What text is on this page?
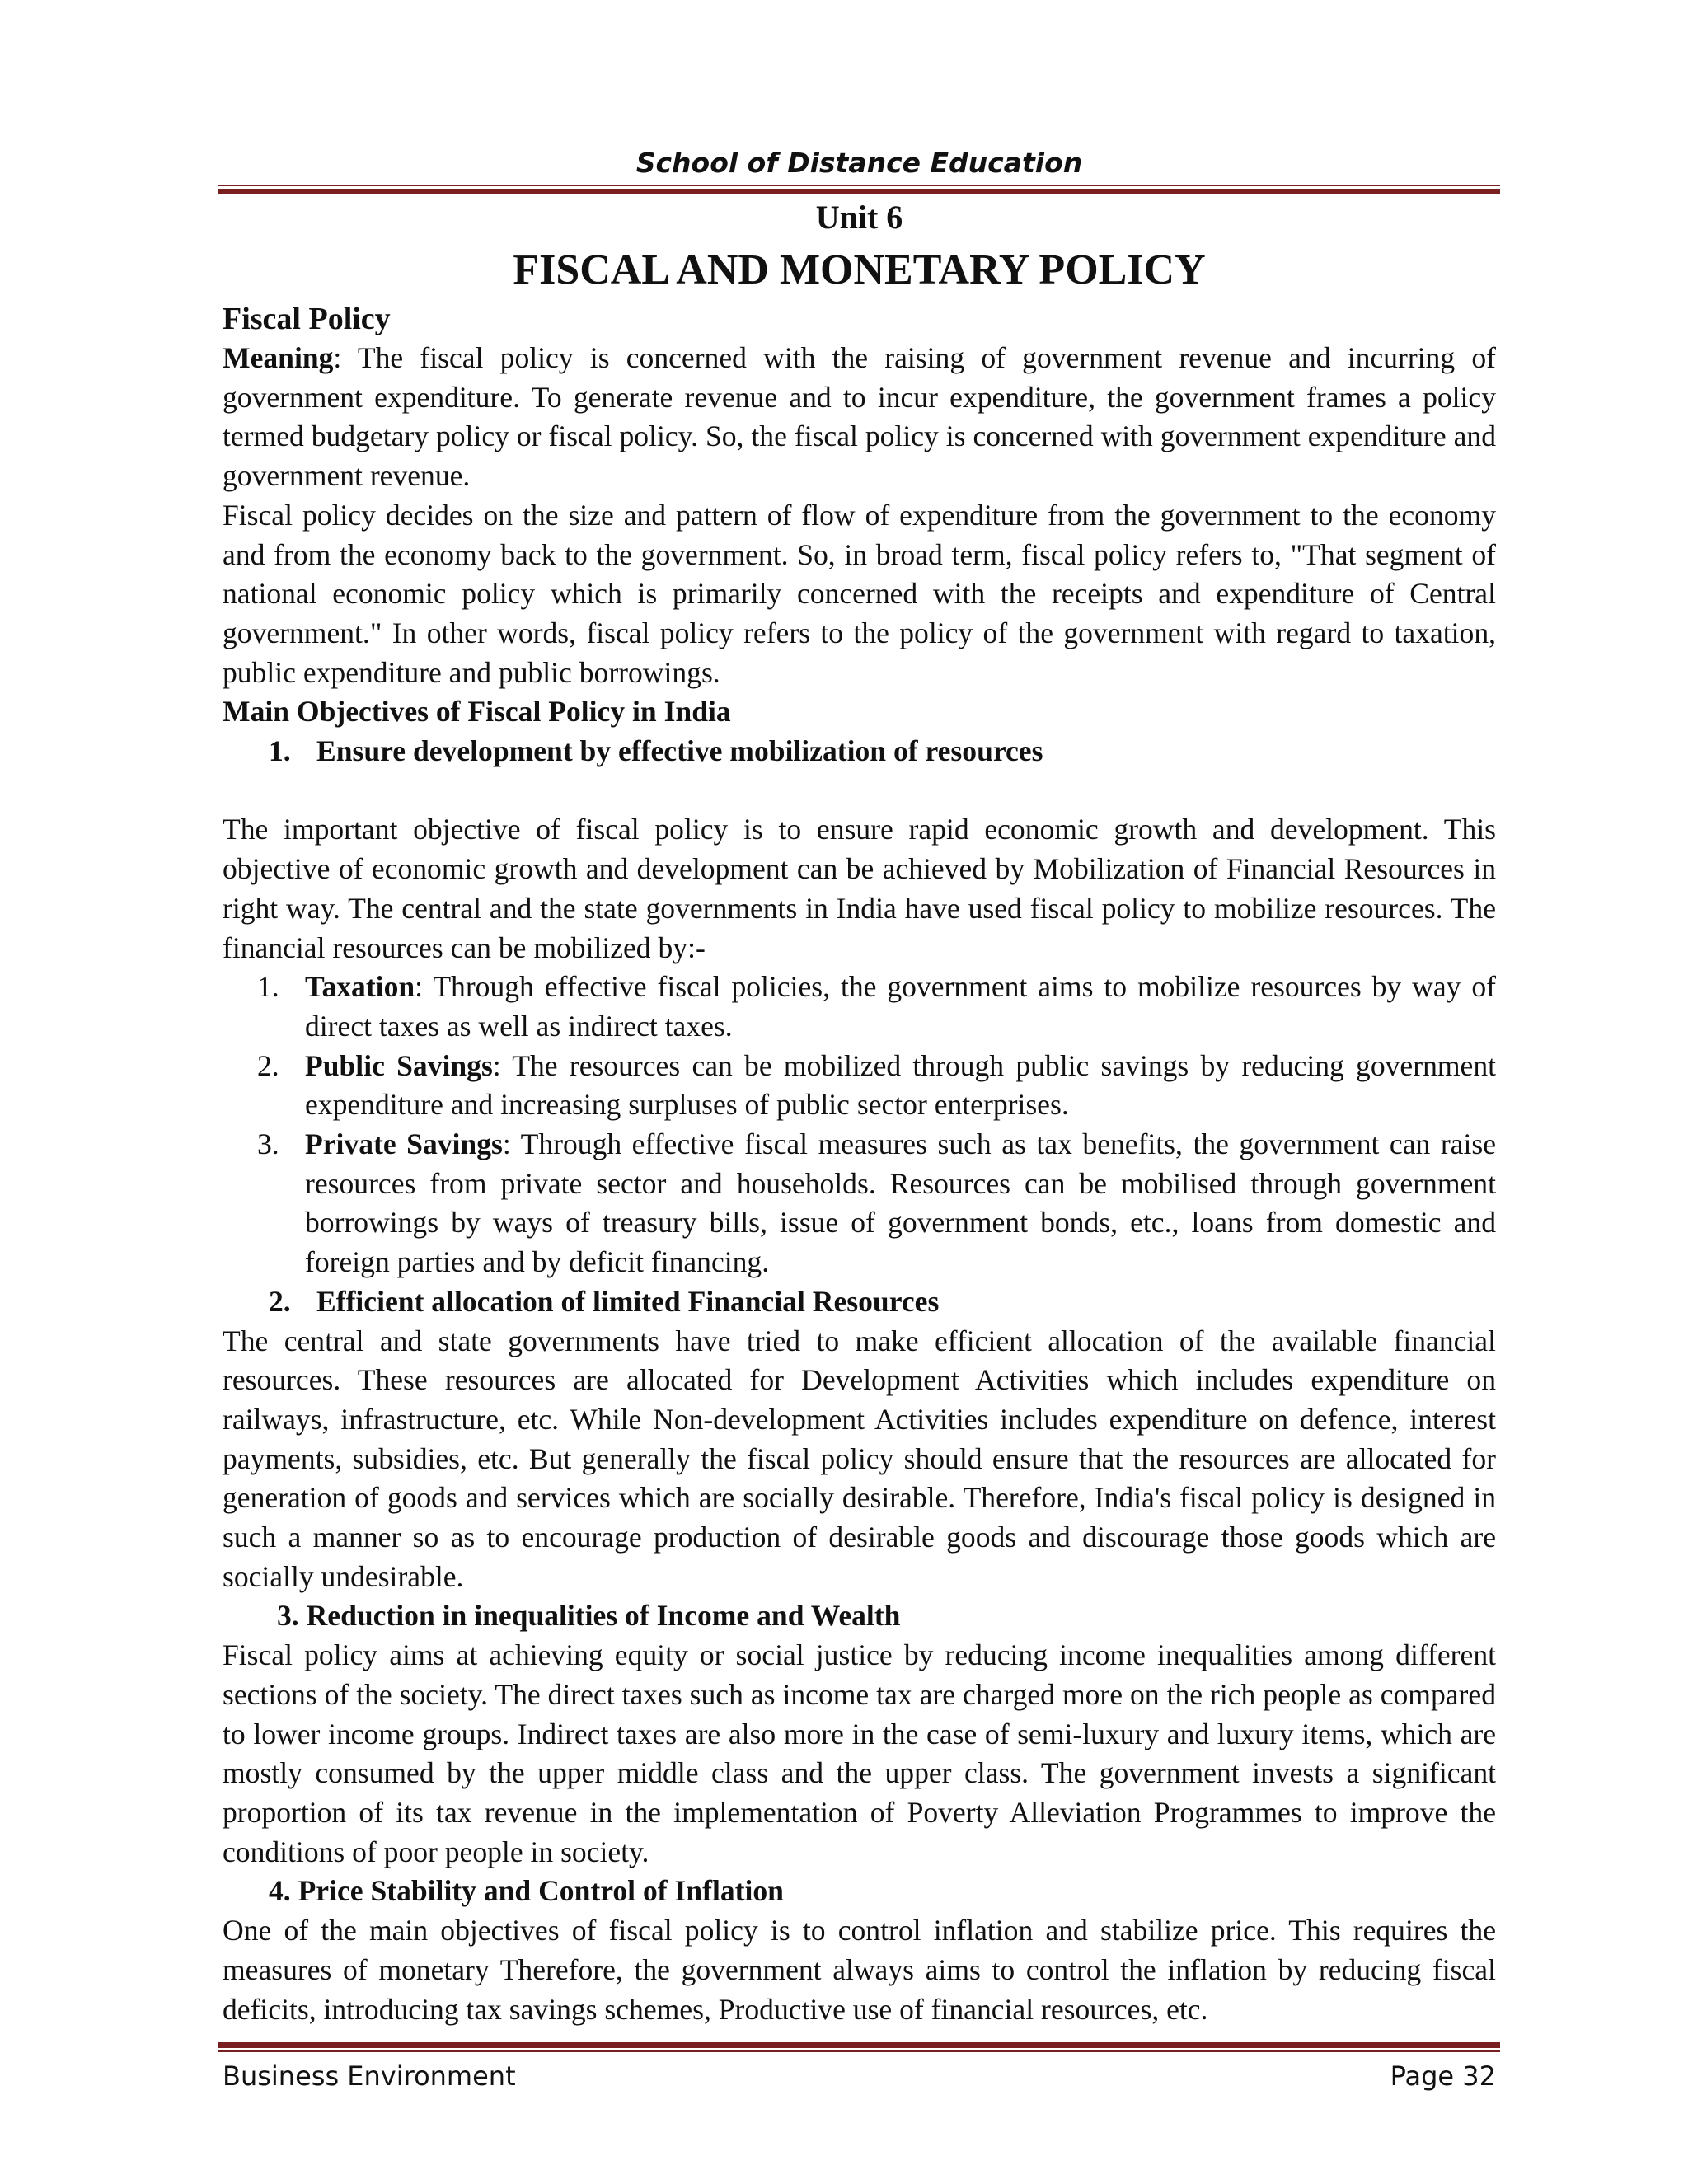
School of Distance Education
Unit 6
FISCAL AND MONETARY POLICY
Fiscal Policy

Meaning: The fiscal policy is concerned with the raising of government revenue and incurring of government expenditure. To generate revenue and to incur expenditure, the government frames a policy termed budgetary policy or fiscal policy. So, the fiscal policy is concerned with government expenditure and government revenue.

Fiscal policy decides on the size and pattern of flow of expenditure from the government to the economy and from the economy back to the government. So, in broad term, fiscal policy refers to, "That segment of national economic policy which is primarily concerned with the receipts and expenditure of Central government." In other words, fiscal policy refers to the policy of the government with regard to taxation, public expenditure and public borrowings.

Main Objectives of Fiscal Policy in India

1. Ensure development by effective mobilization of resources

The important objective of fiscal policy is to ensure rapid economic growth and development. This objective of economic growth and development can be achieved by Mobilization of Financial Resources in right way. The central and the state governments in India have used fiscal policy to mobilize resources. The financial resources can be mobilized by:-

1. Taxation: Through effective fiscal policies, the government aims to mobilize resources by way of direct taxes as well as indirect taxes.
2. Public Savings: The resources can be mobilized through public savings by reducing government expenditure and increasing surpluses of public sector enterprises.
3. Private Savings: Through effective fiscal measures such as tax benefits, the government can raise resources from private sector and households. Resources can be mobilised through government borrowings by ways of treasury bills, issue of government bonds, etc., loans from domestic and foreign parties and by deficit financing.

2. Efficient allocation of limited Financial Resources

The central and state governments have tried to make efficient allocation of the available financial resources. These resources are allocated for Development Activities which includes expenditure on railways, infrastructure, etc. While Non-development Activities includes expenditure on defence, interest payments, subsidies, etc. But generally the fiscal policy should ensure that the resources are allocated for generation of goods and services which are socially desirable. Therefore, India's fiscal policy is designed in such a manner so as to encourage production of desirable goods and discourage those goods which are socially undesirable.

3. Reduction in inequalities of Income and Wealth

Fiscal policy aims at achieving equity or social justice by reducing income inequalities among different sections of the society. The direct taxes such as income tax are charged more on the rich people as compared to lower income groups. Indirect taxes are also more in the case of semi-luxury and luxury items, which are mostly consumed by the upper middle class and the upper class. The government invests a significant proportion of its tax revenue in the implementation of Poverty Alleviation Programmes to improve the conditions of poor people in society.

4. Price Stability and Control of Inflation

One of the main objectives of fiscal policy is to control inflation and stabilize price. This requires the measures of monetary Therefore, the government always aims to control the inflation by reducing fiscal deficits, introducing tax savings schemes, Productive use of financial resources, etc.

Business Environment	Page 32
